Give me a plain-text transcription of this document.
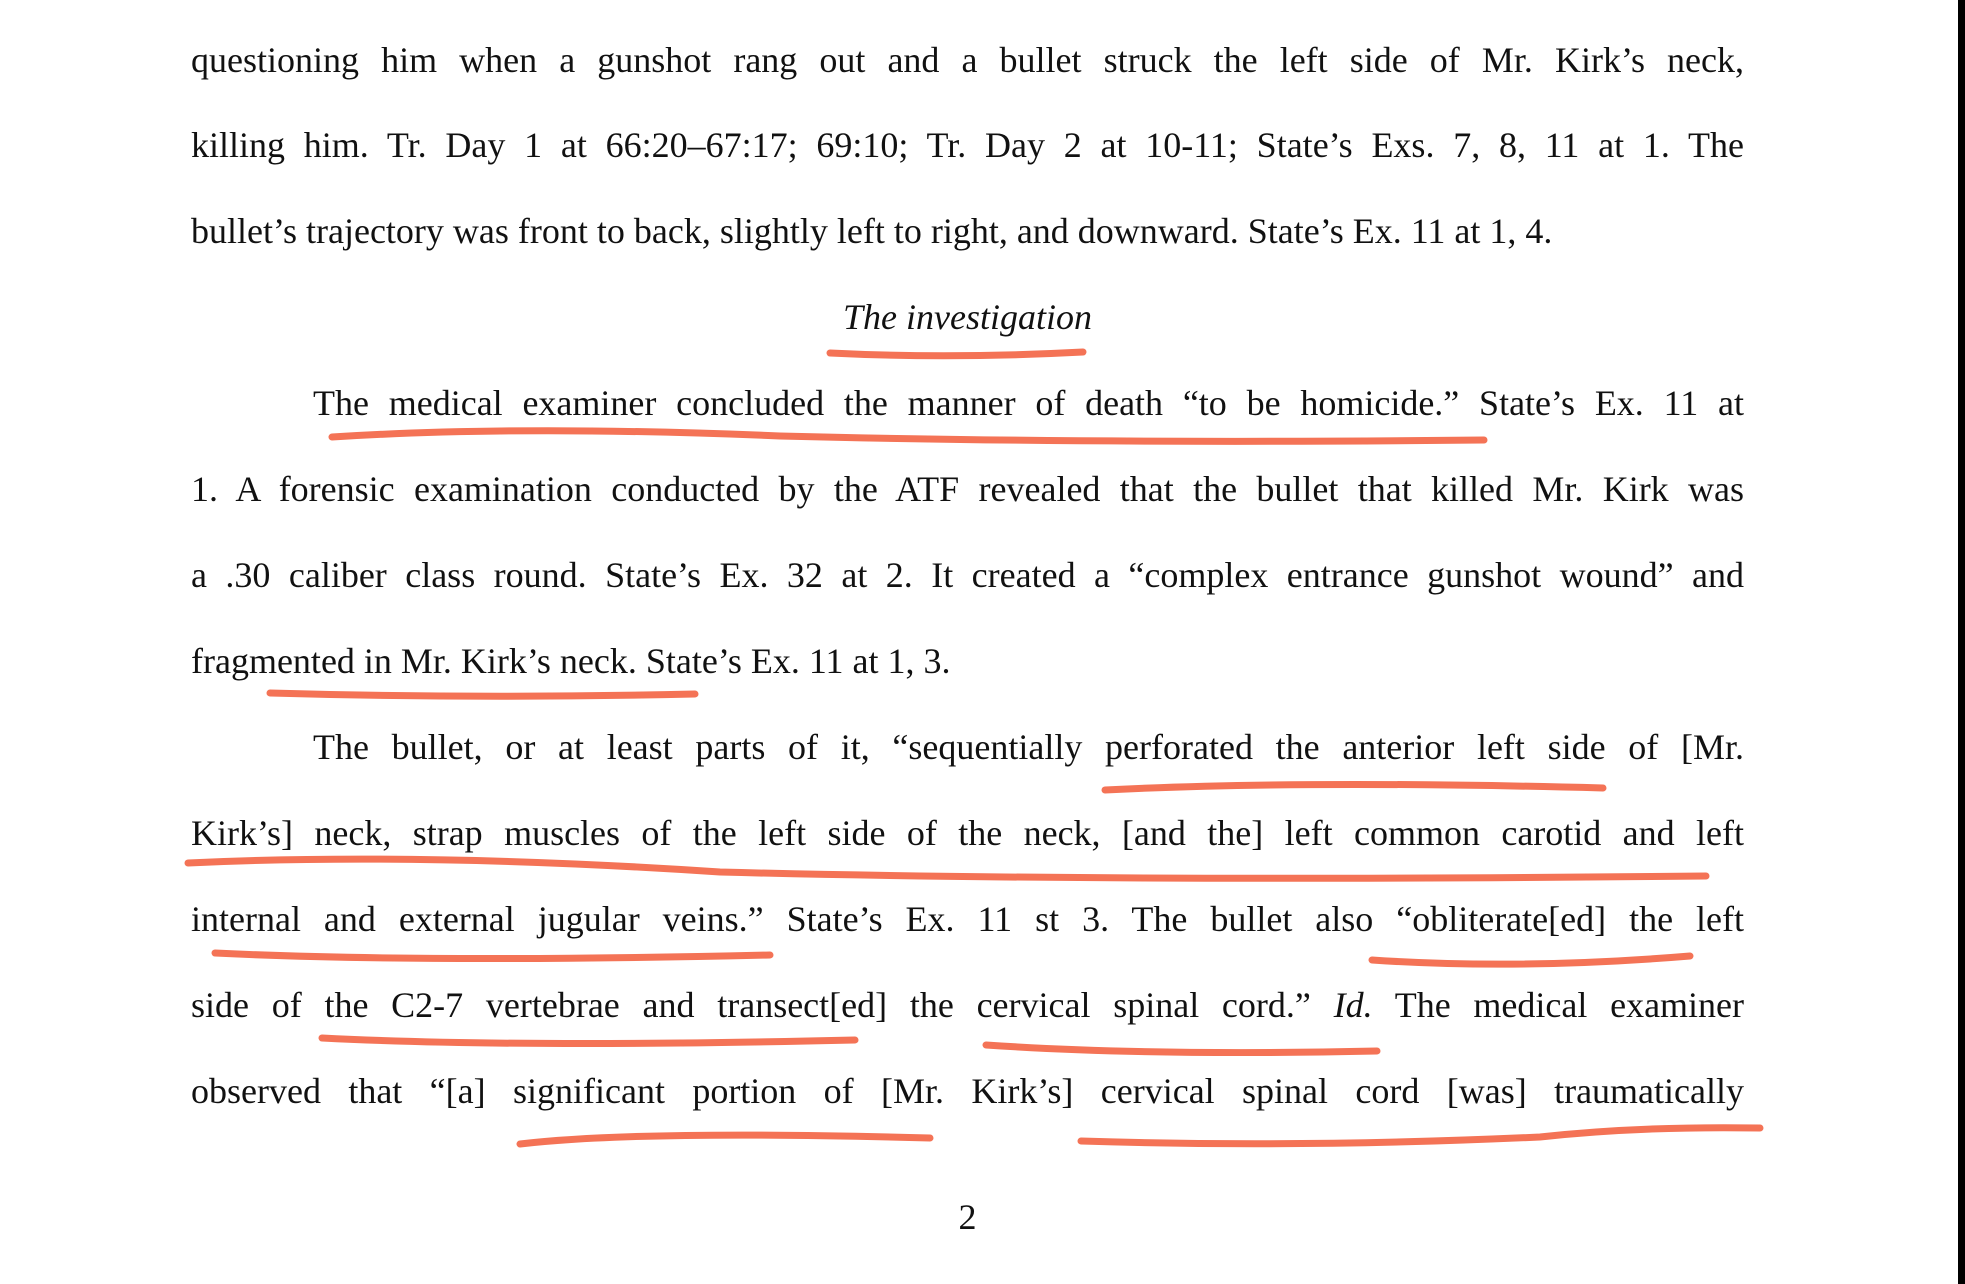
questioning him when a gunshot rang out and a bullet struck the left side of Mr. Kirk’s neck,

killing him. Tr. Day 1 at 66:20–67:17; 69:10; Tr. Day 2 at 10-11; State’s Exs. 7, 8, 11 at 1. The

bullet’s trajectory was front to back, slightly left to right, and downward. State’s Ex. 11 at 1, 4.

The investigation

The medical examiner concluded the manner of death “to be homicide.” State’s Ex. 11 at

1. A forensic examination conducted by the ATF revealed that the bullet that killed Mr. Kirk was

a .30 caliber class round. State’s Ex. 32 at 2. It created a “complex entrance gunshot wound” and

fragmented in Mr. Kirk’s neck. State’s Ex. 11 at 1, 3.

The bullet, or at least parts of it, “sequentially perforated the anterior left side of [Mr.

Kirk’s] neck, strap muscles of the left side of the neck, [and the] left common carotid and left

internal and external jugular veins.” State’s Ex. 11 st 3. The bullet also “obliterate[ed] the left

side of the C2-7 vertebrae and transect[ed] the cervical spinal cord.” Id. The medical examiner

observed that “[a] significant portion of [Mr. Kirk’s] cervical spinal cord [was] traumatically

2
